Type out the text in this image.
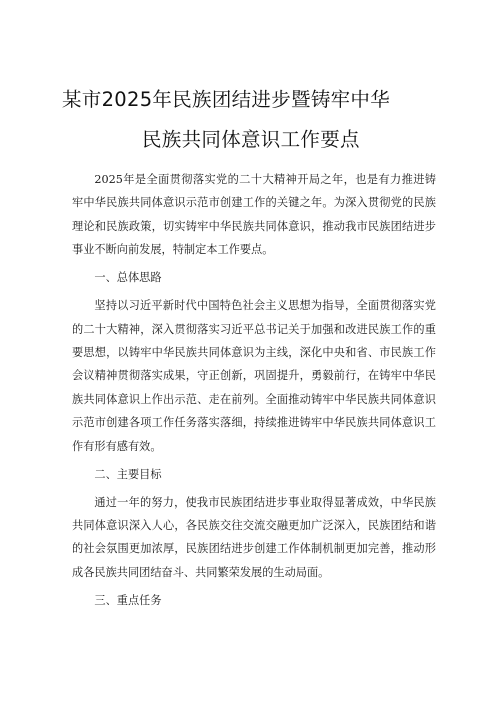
某市2025年民族团结进步暨铸牢中华
民族共同体意识工作要点

2025年是全面贯彻落实党的二十大精神开局之年，也是有力推进铸牢中华民族共同体意识示范市创建工作的关键之年。为深入贯彻党的民族理论和民族政策，切实铸牢中华民族共同体意识，推动我市民族团结进步事业不断向前发展，特制定本工作要点。

一、总体思路

坚持以习近平新时代中国特色社会主义思想为指导，全面贯彻落实党的二十大精神，深入贯彻落实习近平总书记关于加强和改进民族工作的重要思想，以铸牢中华民族共同体意识为主线，深化中央和省、市民族工作会议精神贯彻落实成果，守正创新，巩固提升，勇毅前行，在铸牢中华民族共同体意识上作出示范、走在前列。全面推动铸牢中华民族共同体意识示范市创建各项工作任务落实落细，持续推进铸牢中华民族共同体意识工作有形有感有效。

二、主要目标

通过一年的努力，使我市民族团结进步事业取得显著成效，中华民族共同体意识深入人心，各民族交往交流交融更加广泛深入，民族团结和谐的社会氛围更加浓厚，民族团结进步创建工作体制机制更加完善，推动形成各民族共同团结奋斗、共同繁荣发展的生动局面。

三、重点任务
